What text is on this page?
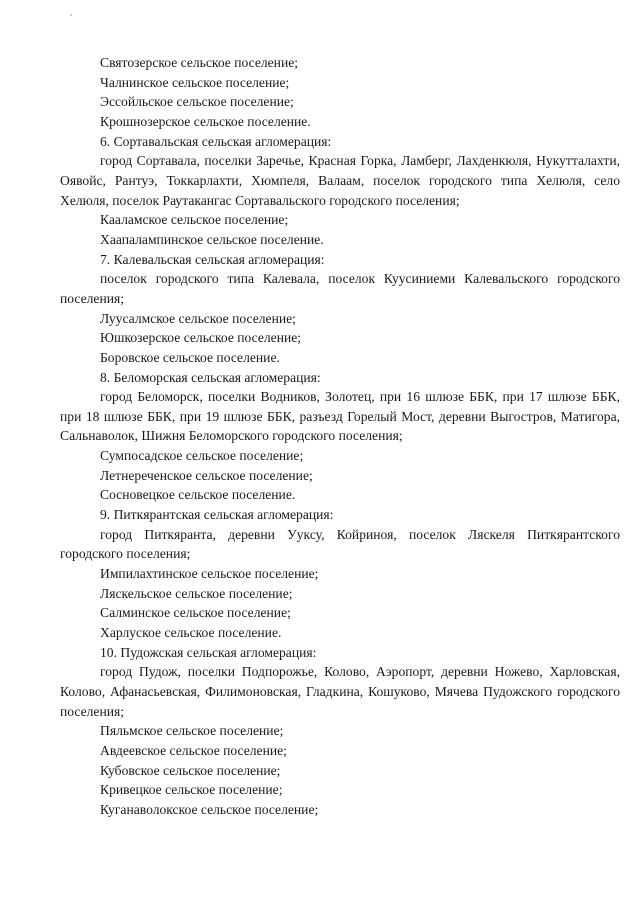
Святозерское сельское поселение;

Чалнинское сельское поселение;

Эссойльское сельское поселение;

Крошнозерское сельское поселение.

6. Сортавальская сельская агломерация:

город Сортавала, поселки Заречье, Красная Горка, Ламберг, Лахденкюля, Нукутталахти, Оявойс, Рантуэ, Токкарлахти, Хюмпеля, Валаам, поселок городского типа Хелюля, село Хелюля, поселок Раутакангас Сортавальского городского поселения;

Кааламское сельское поселение;

Хаапалампинское сельское поселение.

7. Калевальская сельская агломерация:

поселок городского типа Калевала, поселок Куусиниеми Калевальского городского поселения;

Луусалмское сельское поселение;

Юшкозерское сельское поселение;

Боровское сельское поселение.

8. Беломорская сельская агломерация:

город Беломорск, поселки Водников, Золотец, при 16 шлюзе ББК, при 17 шлюзе ББК, при 18 шлюзе ББК, при 19 шлюзе ББК, разъезд Горелый Мост, деревни Выгостров, Матигора, Сальнаволок, Шижня Беломорского городского поселения;

Сумпосадское сельское поселение;

Летнереченское сельское поселение;

Сосновецкое сельское поселение.

9. Питкярантская сельская агломерация:

город Питкяранта, деревни Ууксу, Койриноя, поселок Ляскеля Питкярантского городского поселения;

Импилахтинское сельское поселение;

Ляскельское сельское поселение;

Салминское сельское поселение;

Харлуское сельское поселение.

10. Пудожская сельская агломерация:

город Пудож, поселки Подпорожье, Колово, Аэропорт, деревни Ножево, Харловская, Колово, Афанасьевская, Филимоновская, Гладкина, Кошуково, Мячева Пудожского городского поселения;

Пяльмское сельское поселение;

Авдеевское сельское поселение;

Кубовское сельское поселение;

Кривецкое сельское поселение;

Куганаволокское сельское поселение;
